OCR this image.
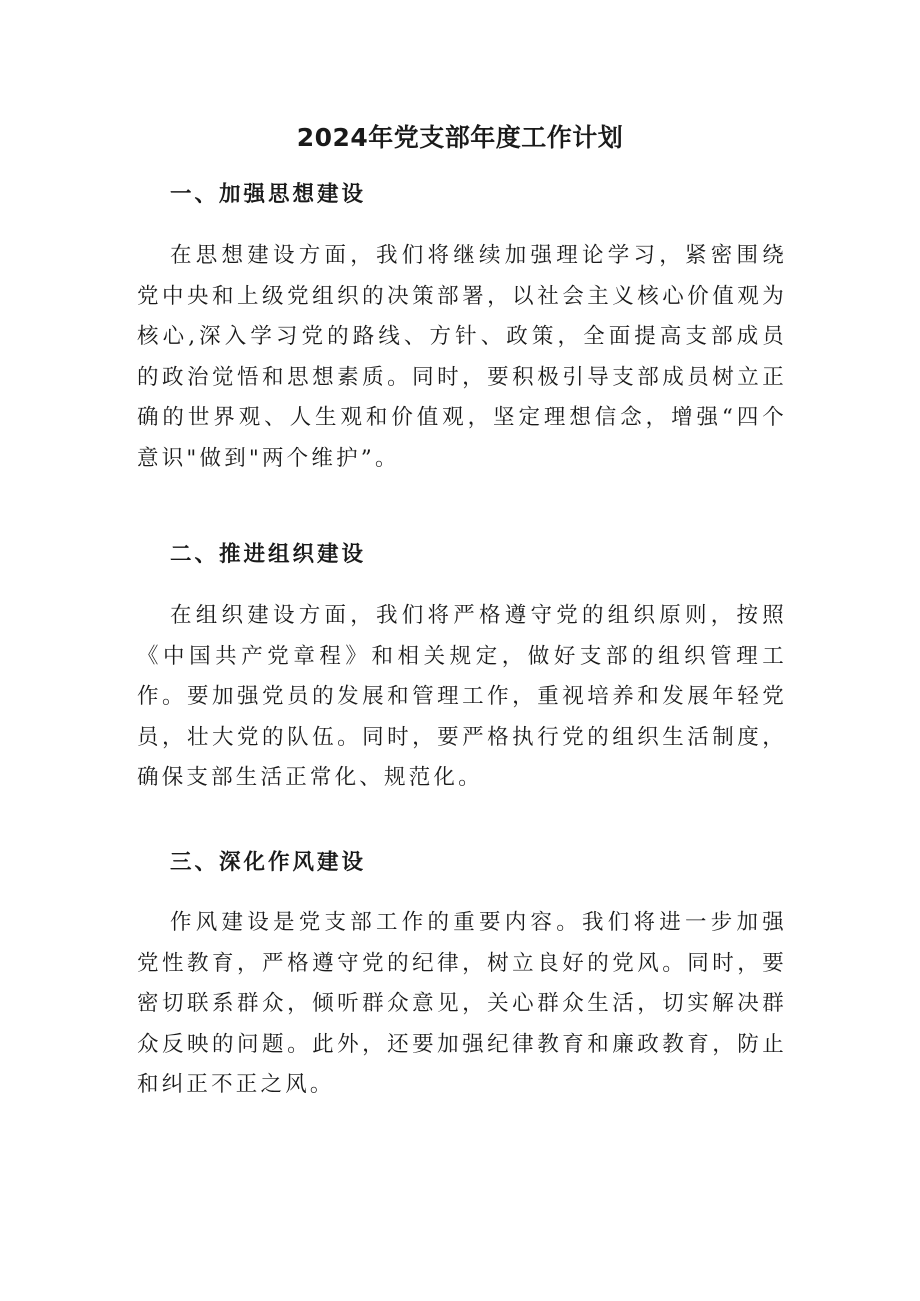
2024年党支部年度工作计划
一、加强思想建设

在思想建设方面，我们将继续加强理论学习，紧密围绕党中央和上级党组织的决策部署，以社会主义核心价值观为核心,深入学习党的路线、方针、政策，全面提高支部成员的政治觉悟和思想素质。同时，要积极引导支部成员树立正确的世界观、人生观和价值观，坚定理想信念，增强“四个意识"做到"两个维护”。

二、推进组织建设

在组织建设方面，我们将严格遵守党的组织原则，按照《中国共产党章程》和相关规定，做好支部的组织管理工作。要加强党员的发展和管理工作，重视培养和发展年轻党员，壮大党的队伍。同时，要严格执行党的组织生活制度，确保支部生活正常化、规范化。

三、深化作风建设

作风建设是党支部工作的重要内容。我们将进一步加强党性教育，严格遵守党的纪律，树立良好的党风。同时，要密切联系群众，倾听群众意见，关心群众生活，切实解决群众反映的问题。此外，还要加强纪律教育和廉政教育，防止和纠正不正之风。
